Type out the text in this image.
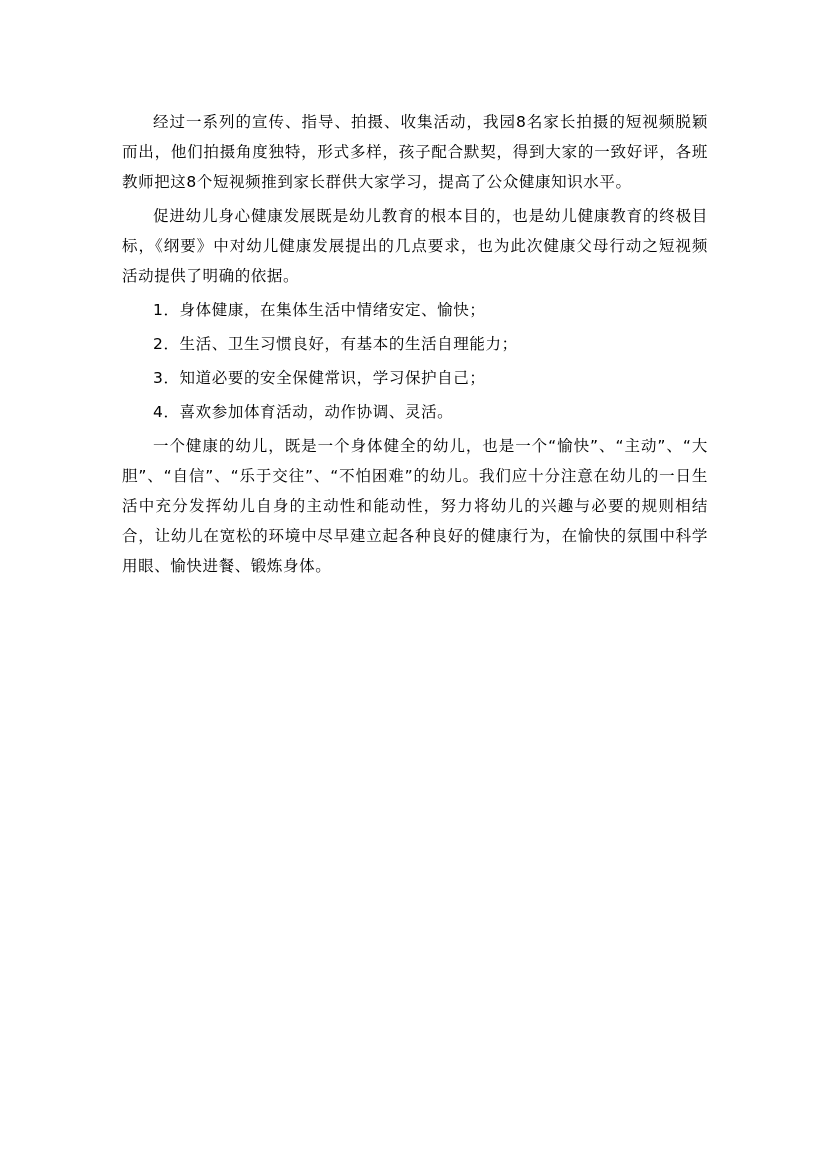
经过一系列的宣传、指导、拍摄、收集活动，我园8名家长拍摄的短视频脱颖而出，他们拍摄角度独特，形式多样，孩子配合默契，得到大家的一致好评，各班教师把这8个短视频推到家长群供大家学习，提高了公众健康知识水平。

促进幼儿身心健康发展既是幼儿教育的根本目的，也是幼儿健康教育的终极目标，《纲要》中对幼儿健康发展提出的几点要求，也为此次健康父母行动之短视频活动提供了明确的依据。

1．身体健康，在集体生活中情绪安定、愉快；

2．生活、卫生习惯良好，有基本的生活自理能力；

3．知道必要的安全保健常识，学习保护自己；

4．喜欢参加体育活动，动作协调、灵活。

一个健康的幼儿，既是一个身体健全的幼儿，也是一个“愉快”、“主动”、“大胆”、“自信”、“乐于交往”、“不怕困难”的幼儿。我们应十分注意在幼儿的一日生活中充分发挥幼儿自身的主动性和能动性，努力将幼儿的兴趣与必要的规则相结合，让幼儿在宽松的环境中尽早建立起各种良好的健康行为，在愉快的氛围中科学用眼、愉快进餐、锻炼身体。
